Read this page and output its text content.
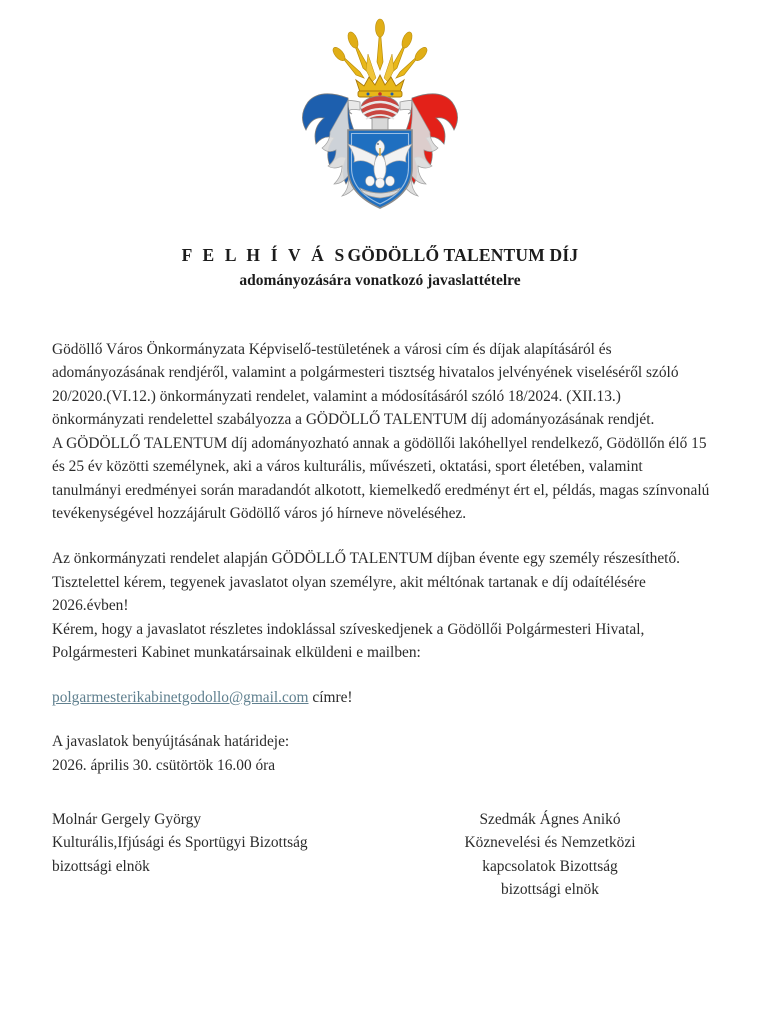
F E L H Í V Á SGÖDÖLLŐ TALENTUM DÍJ
adományozására vonatkozó javaslattételre

Gödöllő Város Önkormányzata Képviselő-testületének a városi cím és díjak alapításáról és adományozásának rendjéről, valamint a polgármesteri tisztség hivatalos jelvényének viseléséről szóló 20/2020.(VI.12.) önkormányzati rendelet, valamint a módosításáról szóló 18/2024. (XII.13.) önkormányzati rendelettel szabályozza a GÖDÖLLŐ TALENTUM díj adományozásának rendjét.

A GÖDÖLLŐ TALENTUM díj adományozható annak a gödöllői lakóhellyel rendelkező, Gödöllőn élő 15 és 25 év közötti személynek, aki a város kulturális, művészeti, oktatási, sport életében, valamint tanulmányi eredményei során maradandót alkotott, kiemelkedő eredményt ért el, példás, magas színvonalú tevékenységével hozzájárult Gödöllő város jó hírneve növeléséhez.

Az önkormányzati rendelet alapján GÖDÖLLŐ TALENTUM díjban évente egy személy részesíthető.

Tisztelettel kérem, tegyenek javaslatot olyan személyre, akit méltónak tartanak e díj odaítélésére 2026.évben!

Kérem, hogy a javaslatot részletes indoklással szíveskedjenek a Gödöllői Polgármesteri Hivatal, Polgármesteri Kabinet munkatársainak elküldeni e mailben:

polgarmesterikabinetgodollo@gmail.com címre!

A javaslatok benyújtásának határideje:

2026. április 30. csütörtök 16.00 óra

Molnár Gergely György
Kulturális,Ifjúsági és Sportügyi Bizottság
bizottsági elnök
Szedmák Ágnes Anikó
Köznevelési és Nemzetközi
kapcsolatok Bizottság
bizottsági elnök
